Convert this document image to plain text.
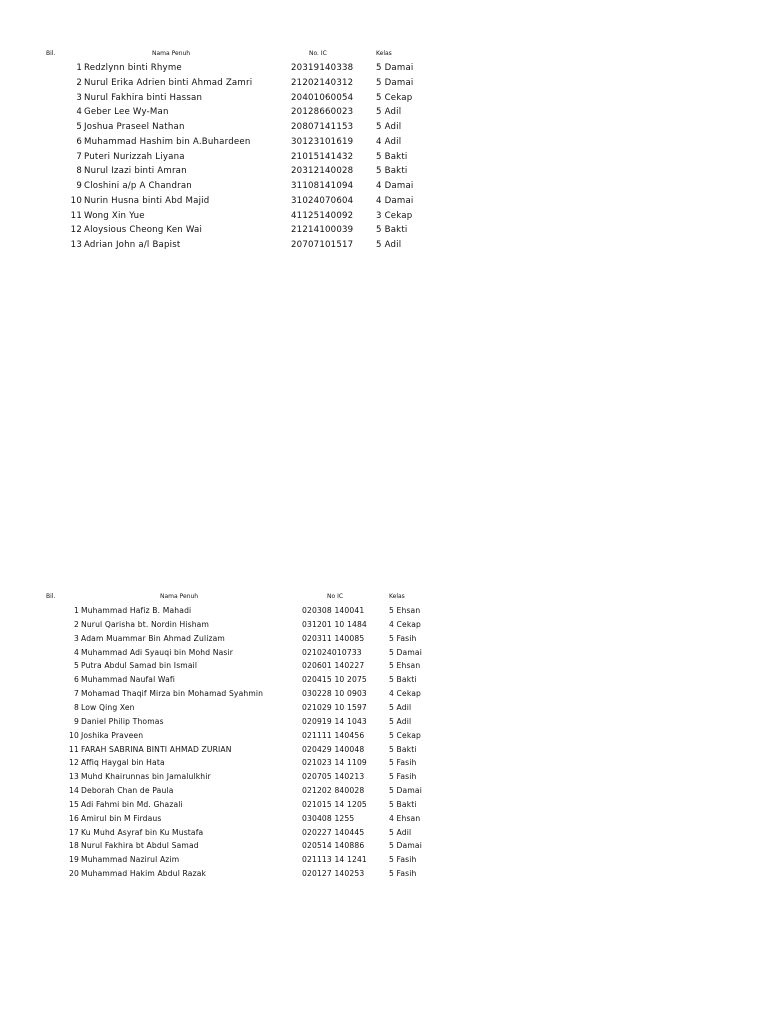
Bil.	Nama Penuh	No. IC	Kelas
1 Redzlynn binti Rhyme	20319140338	5 Damai
2 Nurul Erika Adrien binti Ahmad Zamri	21202140312	5 Damai
3 Nurul Fakhira binti Hassan	20401060054	5 Cekap
4 Geber Lee Wy-Man	20128660023	5 Adil
5 Joshua Praseel Nathan	20807141153	5 Adil
6 Muhammad Hashim bin A.Buhardeen	30123101619	4 Adil
7 Puteri Nurizzah Liyana	21015141432	5 Bakti
8 Nurul Izazi binti Amran	20312140028	5 Bakti
9 Closhini a/p A Chandran	31108141094	4 Damai
10 Nurin Husna binti Abd Majid	31024070604	4 Damai
11 Wong Xin Yue	41125140092	3 Cekap
12 Aloysious Cheong Ken Wai	21214100039	5 Bakti
13 Adrian John a/l Bapist	20707101517	5 Adil
Bil.	Nama Penuh	No IC	Kelas
1 Muhammad Hafiz B. Mahadi	020308 140041	5 Ehsan
2 Nurul Qarisha bt. Nordin Hisham	031201 10 1484	4 Cekap
3 Adam Muammar Bin Ahmad Zulizam	020311 140085	5 Fasih
4 Muhammad Adi Syauqi bin Mohd Nasir	021024010733	5 Damai
5 Putra Abdul Samad bin Ismail	020601 140227	5 Ehsan
6 Muhammad Naufal Wafi	020415 10 2075	5 Bakti
7 Mohamad Thaqif Mirza bin Mohamad Syahmin	030228 10 0903	4 Cekap
8 Low Qing Xen	021029 10 1597	5 Adil
9 Daniel Philip Thomas	020919 14 1043	5 Adil
10 Joshika Praveen	021111 140456	5 Cekap
11 FARAH SABRINA BINTI AHMAD ZURIAN	020429 140048	5 Bakti
12 Affiq Haygal bin Hata	021023 14 1109	5 Fasih
13 Muhd Khairunnas bin Jamalulkhir	020705 140213	5 Fasih
14 Deborah Chan de Paula	021202 840028	5 Damai
15 Adi Fahmi bin Md. Ghazali	021015 14 1205	5 Bakti
16 Amirul bin M Firdaus	030408 1255	4 Ehsan
17 Ku Muhd Asyraf bin Ku Mustafa	020227 140445	5 Adil
18 Nurul Fakhira bt Abdul Samad	020514 140886	5 Damai
19 Muhammad Nazirul Azim	021113 14 1241	5 Fasih
20 Muhammad Hakim Abdul Razak	020127 140253	5 Fasih
